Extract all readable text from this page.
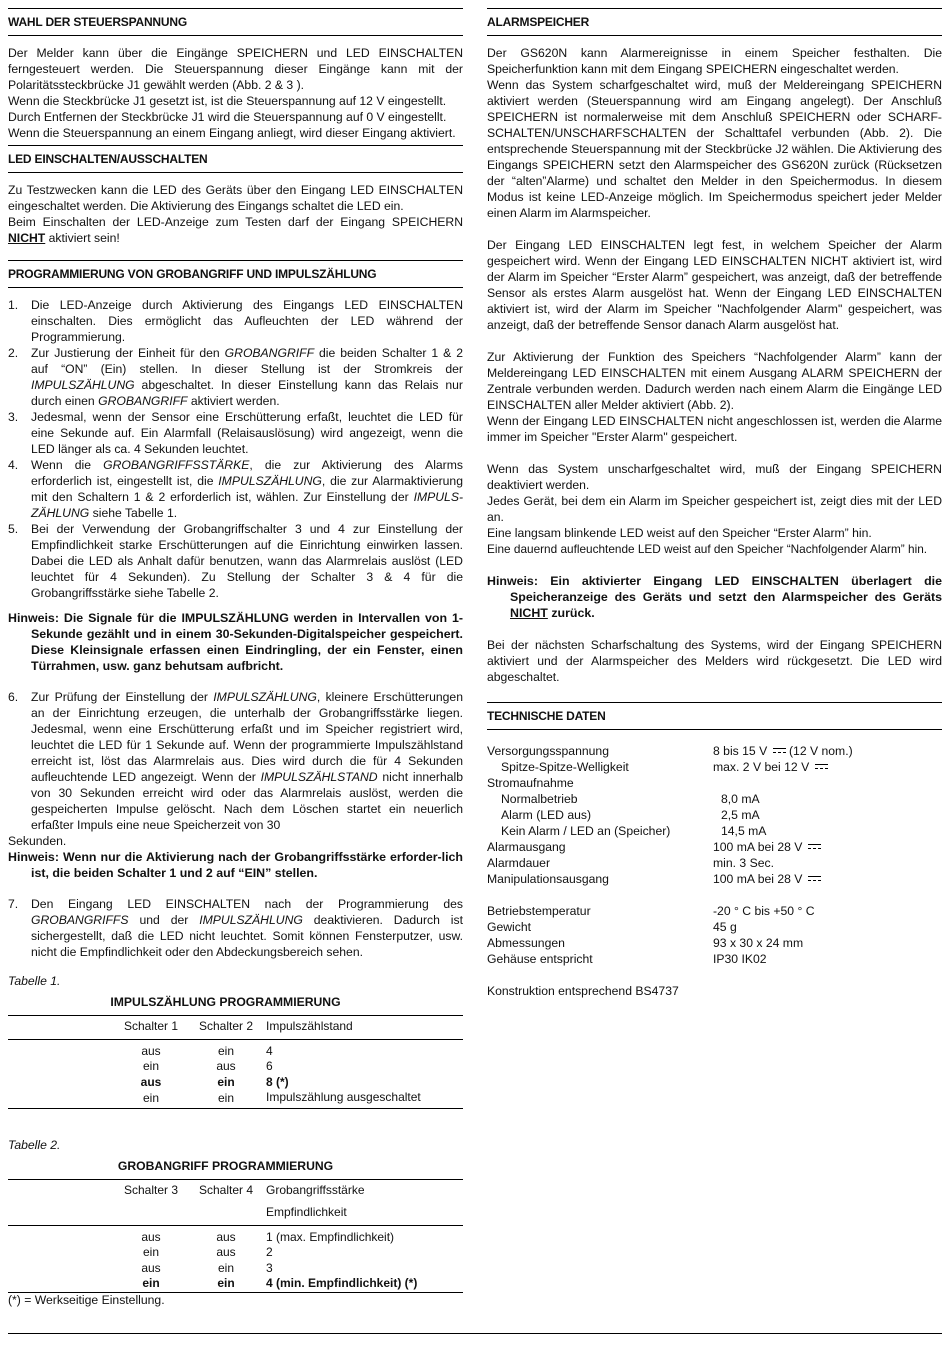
WAHL DER STEUERSPANNUNG

Der Melder kann über die Eingänge SPEICHERN und LED EINSCHALTEN ferngesteuert werden. Die Steuerspannung dieser Eingänge kann mit der Polaritätssteckbrücke J1 gewählt werden (Abb. 2 & 3 ).

Wenn die Steckbrücke J1 gesetzt ist, ist die Steuerspannung auf 12 V eingestellt.

Durch Entfernen der Steckbrücke J1 wird die Steuerspannung auf 0 V eingestellt.

Wenn die Steuerspannung an einem Eingang anliegt, wird dieser Eingang aktiviert.

LED EINSCHALTEN/AUSSCHALTEN

Zu Testzwecken kann die LED des Geräts über den Eingang LED EINSCHALTEN eingeschaltet werden. Die Aktivierung des Eingangs schaltet die LED ein.

Beim Einschalten der LED-Anzeige zum Testen darf der Eingang SPEICHERN NICHT aktiviert sein!

PROGRAMMIERUNG VON GROBANGRIFF UND IMPULSZÄHLUNG
1. Die LED-Anzeige durch Aktivierung des Eingangs LED EINSCHALTEN einschalten. Dies ermöglicht das Aufleuchten der LED während der Programmierung.
2. Zur Justierung der Einheit für den GROBANGRIFF die beiden Schalter 1 & 2 auf “ON” (Ein) stellen. In dieser Stellung ist der Stromkreis der IMPULSZÄHLUNG abgeschaltet. In dieser Einstellung kann das Relais nur durch einen GROBANGRIFF aktiviert werden.
3. Jedesmal, wenn der Sensor eine Erschütterung erfaßt, leuchtet die LED für eine Sekunde auf. Ein Alarmfall (Relaisauslösung) wird angezeigt, wenn die LED länger als ca. 4 Sekunden leuchtet.
4. Wenn die GROBANGRIFFSSTÄRKE, die zur Aktivierung des Alarms erforderlich ist, eingestellt ist, die IMPULSZÄHLUNG, die zur Alarmaktivierung mit den Schaltern 1 & 2 erforderlich ist, wählen. Zur Einstellung der IMPULS-ZÄHLUNG siehe Tabelle 1.
5. Bei der Verwendung der Grobangriffschalter 3 und 4 zur Einstellung der Empfindlichkeit starke Erschütterungen auf die Einrichtung einwirken lassen. Dabei die LED als Anhalt dafür benutzen, wann das Alarmrelais auslöst (LED leuchtet für 4 Sekunden). Zu Stellung der Schalter 3 & 4 für die Grobangriffsstärke siehe Tabelle 2.

Hinweis: Die Signale für die IMPULSZÄHLUNG werden in Intervallen von 1-Sekunde gezählt und in einem 30-Sekunden-Digitalspeicher gespeichert. Diese Kleinsignale erfassen einen Eindringling, der ein Fenster, einen Türrahmen, usw. ganz behutsam aufbricht.

6. Zur Prüfung der Einstellung der IMPULSZÄHLUNG, kleinere Erschütterungen an der Einrichtung erzeugen, die unterhalb der Grobangriffsstärke liegen. Jedesmal, wenn eine Erschütterung erfaßt und im Speicher registriert wird, leuchtet die LED für 1 Sekunde auf. Wenn der programmierte Impulszählstand erreicht ist, löst das Alarmrelais aus. Dies wird durch die für 4 Sekunden aufleuchtende LED angezeigt. Wenn der IMPULSZÄHLSTAND nicht innerhalb von 30 Sekunden erreicht wird oder das Alarmrelais auslöst, werden die gespeicherten Impulse gelöscht. Nach dem Löschen startet ein neuerlich erfaßter Impuls eine neue Speicherzeit von 30

Sekunden.

Hinweis: Wenn nur die Aktivierung nach der Grobangriffsstärke erforder-lich ist, die beiden Schalter 1 und 2 auf “EIN” stellen.

7. Den Eingang LED EINSCHALTEN nach der Programmierung des GROBANGRIFFS und der IMPULSZÄHLUNG deaktivieren. Dadurch ist sichergestellt, daß die LED nicht leuchtet. Somit können Fensterputzer, usw. nicht die Empfindlichkeit oder den Abdeckungsbereich sehen.
Tabelle 1.
IMPULSZÄHLUNG PROGRAMMIERUNG
	Schalter 1	Schalter 2	Impulszählstand
	aus	ein	4
	ein	aus	6
	aus	ein	8 (*)
	ein	ein	Impulszählung ausgeschaltet
Tabelle 2.
GROBANGRIFF PROGRAMMIERUNG
	Schalter 3	Schalter 4	Grobangriffsstärke
			Empfindlichkeit
	aus	aus	1 (max. Empfindlichkeit)
	ein	aus	2
	aus	ein	3
	ein	ein	4 (min. Empfindlichkeit) (*)
(*) = Werkseitige Einstellung.
ALARMSPEICHER

Der GS620N kann Alarmereignisse in einem Speicher festhalten. Die Speicherfunktion kann mit dem Eingang SPEICHERN eingeschaltet werden.

Wenn das System scharfgeschaltet wird, muß der Meldereingang SPEICHERN aktiviert werden (Steuerspannung wird am Eingang angelegt). Der Anschluß SPEICHERN ist normalerweise mit dem Anschluß SPEICHERN oder SCHARF-SCHALTEN/UNSCHARFSCHALTEN der Schalttafel verbunden (Abb. 2). Die entsprechende Steuerspannung mit der Steckbrücke J2 wählen. Die Aktivierung des Eingangs SPEICHERN setzt den Alarmspeicher des GS620N zurück (Rücksetzen der “alten”Alarme) und schaltet den Melder in den Speichermodus. In diesem Modus ist keine LED-Anzeige möglich. Im Speichermodus speichert jeder Melder einen Alarm im Alarmspeicher.

Der Eingang LED EINSCHALTEN legt fest, in welchem Speicher der Alarm gespeichert wird. Wenn der Eingang LED EINSCHALTEN NICHT aktiviert ist, wird der Alarm im Speicher “Erster Alarm” gespeichert, was anzeigt, daß der betreffende Sensor als erstes Alarm ausgelöst hat. Wenn der Eingang LED EINSCHALTEN aktiviert ist, wird der Alarm im Speicher "Nachfolgender Alarm" gespeichert, was anzeigt, daß der betreffende Sensor danach Alarm ausgelöst hat.

Zur Aktivierung der Funktion des Speichers “Nachfolgender Alarm” kann der Meldereingang LED EINSCHALTEN mit einem Ausgang ALARM SPEICHERN der Zentrale verbunden werden. Dadurch werden nach einem Alarm die Eingänge LED EINSCHALTEN aller Melder aktiviert (Abb. 2).

Wenn der Eingang LED EINSCHALTEN nicht angeschlossen ist, werden die Alarme immer im Speicher "Erster Alarm" gespeichert.

Wenn das System unscharfgeschaltet wird, muß der Eingang SPEICHERN deaktiviert werden.

Jedes Gerät, bei dem ein Alarm im Speicher gespeichert ist, zeigt dies mit der LED an.

Eine langsam blinkende LED weist auf den Speicher “Erster Alarm” hin.

Eine dauernd aufleuchtende LED weist auf den Speicher “Nachfolgender Alarm” hin.

Hinweis: Ein aktivierter Eingang LED EINSCHALTEN überlagert die Speicheranzeige des Geräts und setzt den Alarmspeicher des Geräts NICHT zurück.

Bei der nächsten Scharfschaltung des Systems, wird der Eingang SPEICHERN aktiviert und der Alarmspeicher des Melders wird rückgesetzt. Die LED wird abgeschaltet.

TECHNISCHE DATEN
Versorgungsspannung	8 bis 15 V (12 V nom.)
Spitze-Spitze-Welligkeit	max. 2 V bei 12 V
Stromaufnahme	
Normalbetrieb	8,0 mA
Alarm (LED aus)	2,5 mA
Kein Alarm / LED an (Speicher)	14,5 mA
Alarmausgang	100 mA bei 28 V
Alarmdauer	min. 3 Sec.
Manipulationsausgang	100 mA bei 28 V
Betriebstemperatur	-20 ° C bis +50 ° C
Gewicht	45 g
Abmessungen	93 x 30 x 24 mm
Gehäuse entspricht	IP30 IK02
Konstruktion entsprechend BS4737
